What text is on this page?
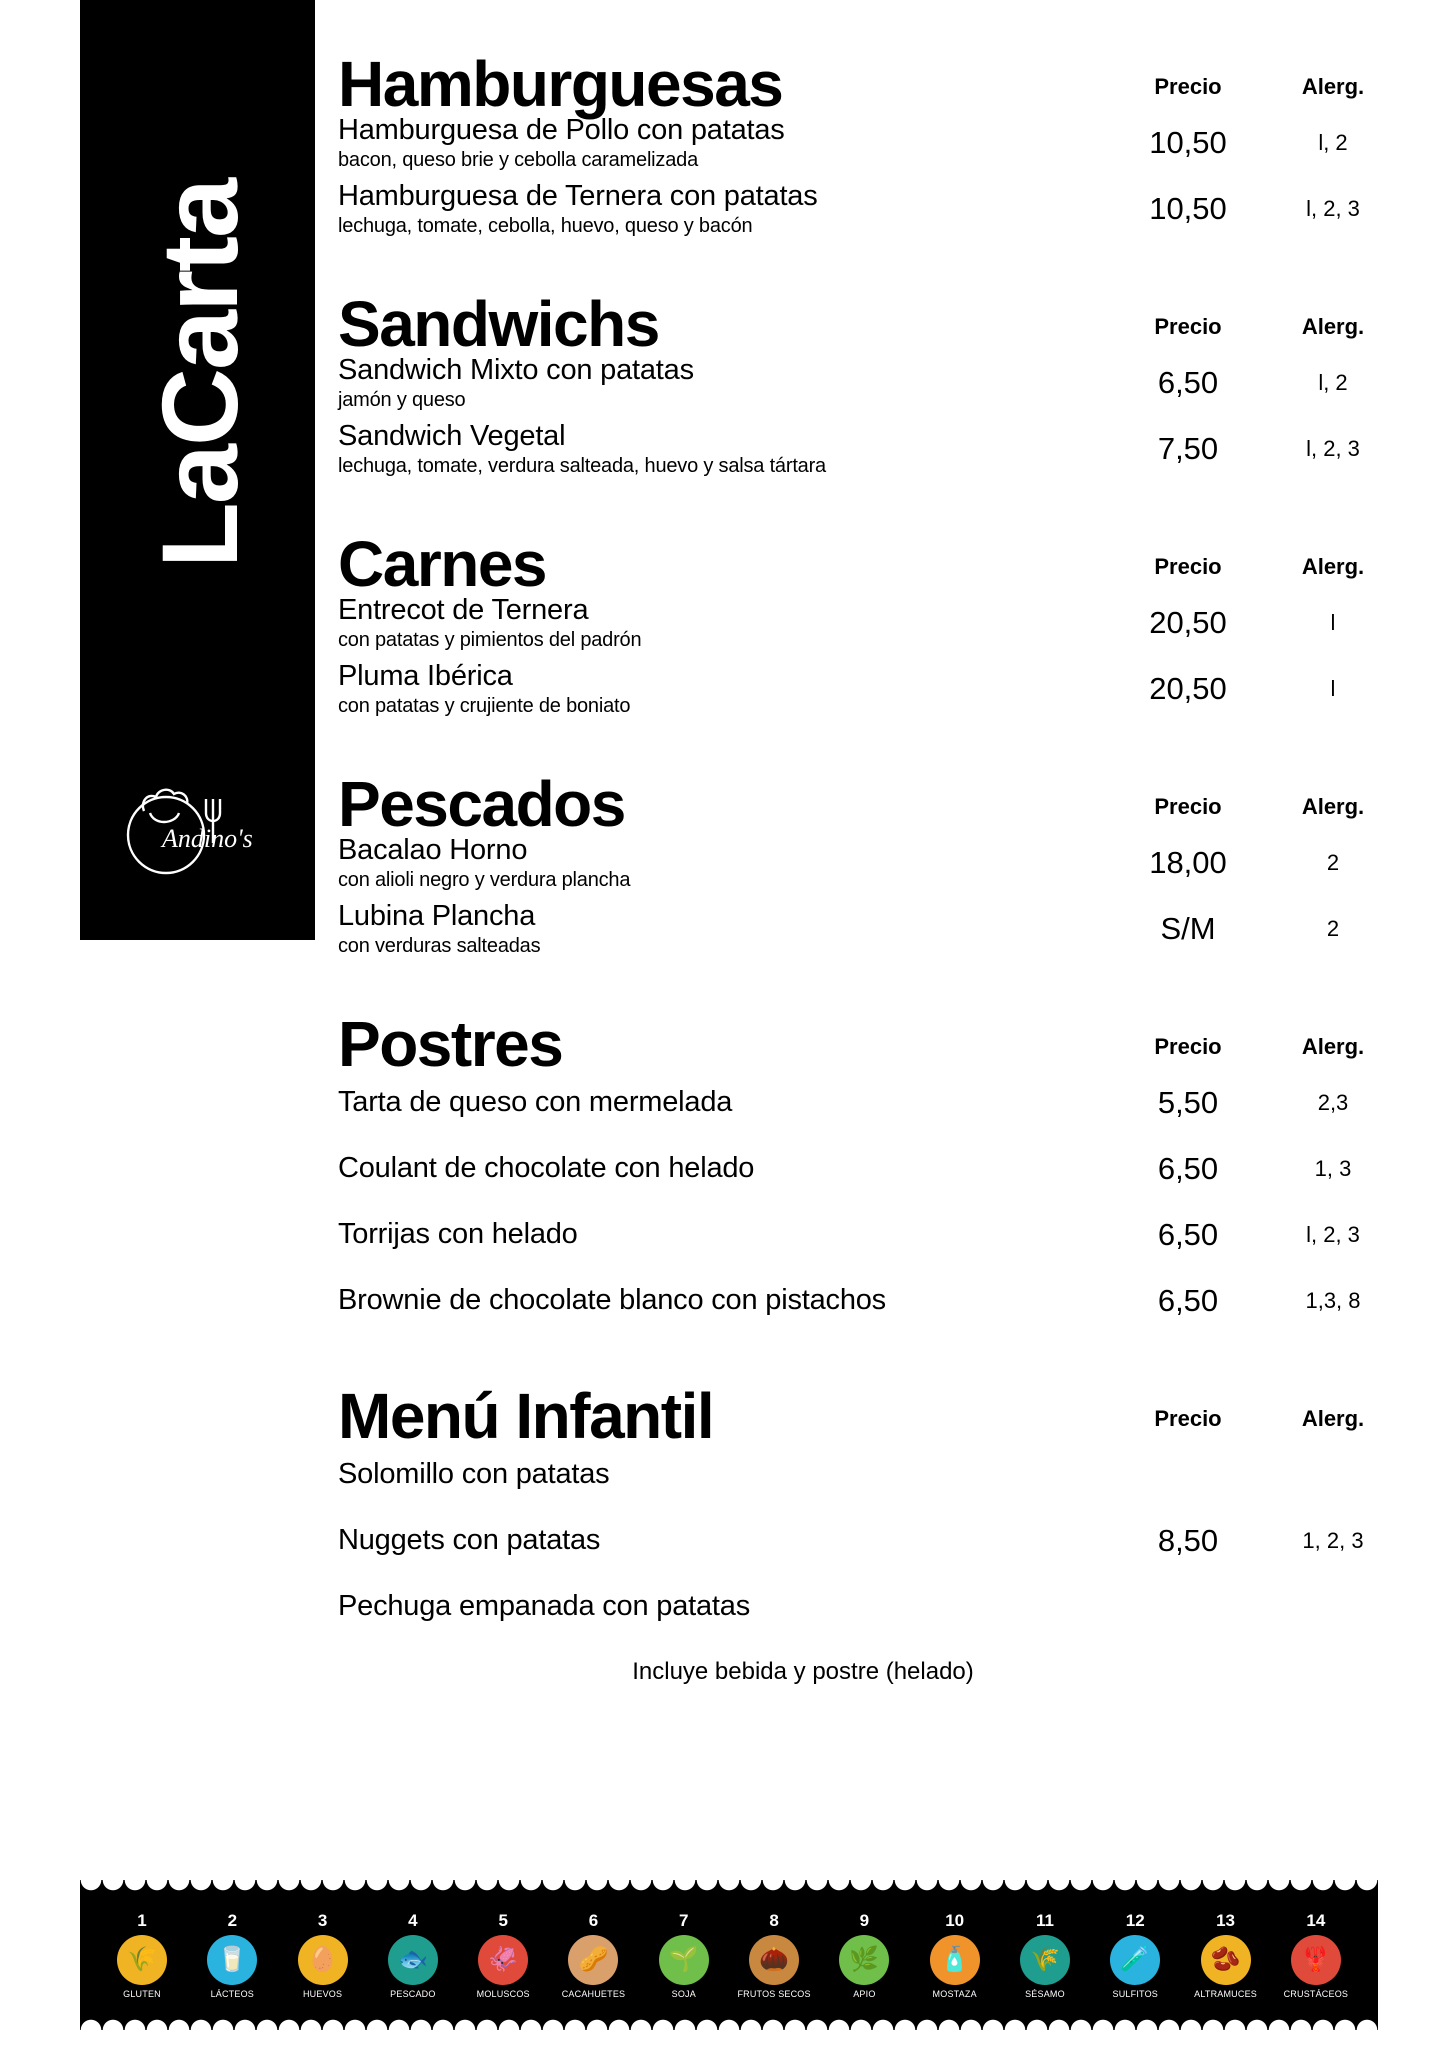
LaCarta
Andino's
Hamburguesas	Precio	Alerg.
Hamburguesa de Pollo con patatas
bacon, queso brie y cebolla caramelizada
10,50	l, 2
Hamburguesa de Ternera con patatas
lechuga, tomate, cebolla, huevo, queso y bacón
10,50	l, 2, 3
Sandwichs	Precio	Alerg.
Sandwich Mixto con patatas
jamón y queso
6,50	l, 2
Sandwich Vegetal
lechuga, tomate, verdura salteada, huevo y salsa tártara
7,50	l, 2, 3
Carnes	Precio	Alerg.
Entrecot de Ternera
con patatas y pimientos del padrón
20,50	l
Pluma Ibérica
con patatas y crujiente de boniato
20,50	l
Pescados	Precio	Alerg.
Bacalao Horno
con alioli negro y verdura plancha
18,00	2
Lubina Plancha
con verduras salteadas
S/M	2
Postres	Precio	Alerg.
Tarta de queso con mermelada	5,50	2,3
Coulant de chocolate con helado	6,50	1, 3
Torrijas con helado	6,50	l, 2, 3
Brownie de chocolate blanco con pistachos	6,50	1,3, 8
Menú Infantil	Precio	Alerg.
Solomillo con patatas
Nuggets con patatas	8,50	1, 2, 3
Pechuga empanada con patatas
Incluye bebida y postre (helado)
1
🌾
GLUTEN
2
🥛
LÁCTEOS
3
🥚
HUEVOS
4
🐟
PESCADO
5
🦑
MOLUSCOS
6
🥜
CACAHUETES
7
🌱
SOJA
8
🌰
FRUTOS SECOS
9
🌿
APIO
10
🧴
MOSTAZA
11
🌾
SÉSAMO
12
🧪
SULFITOS
13
🫘
ALTRAMUCES
14
🦞
CRUSTÁCEOS
